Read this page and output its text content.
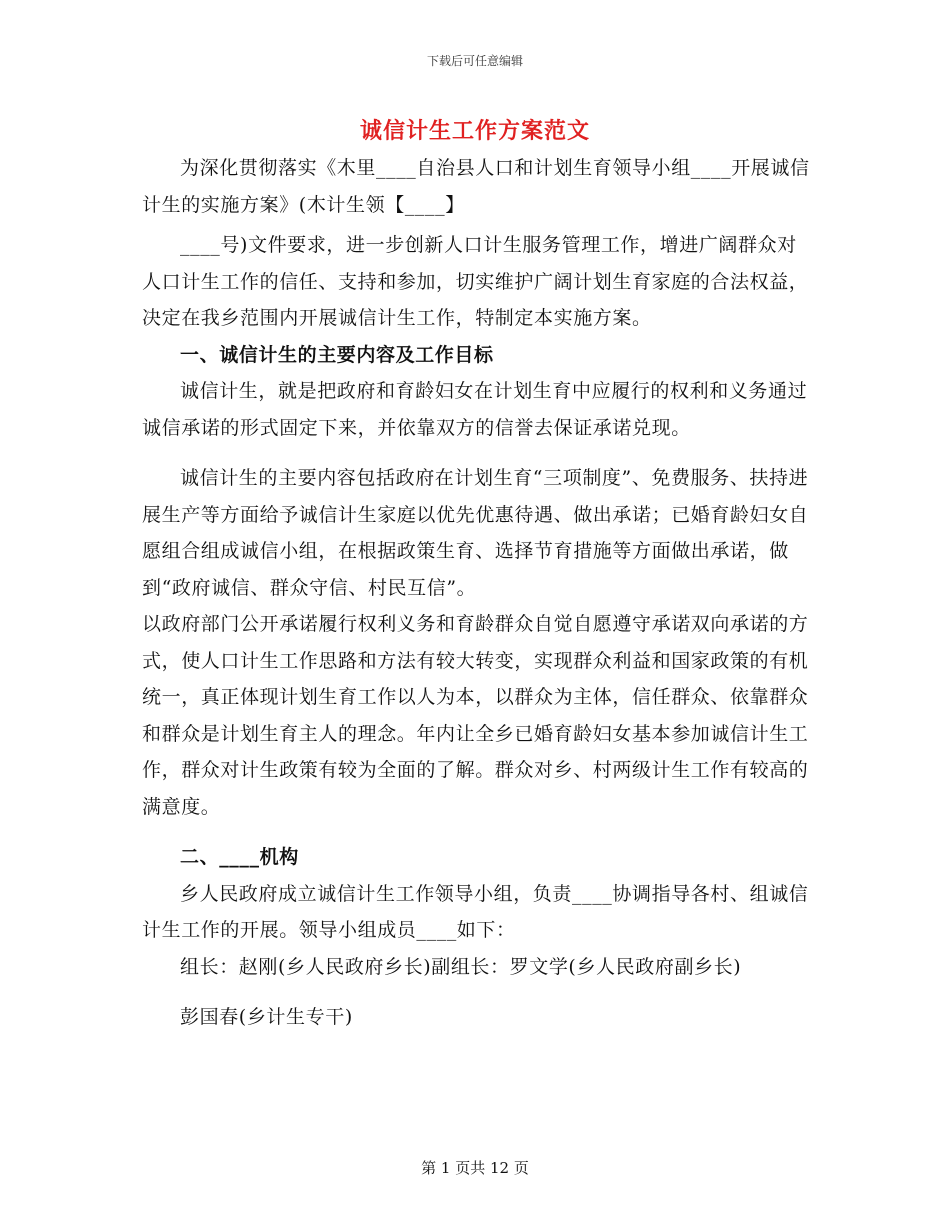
下载后可任意编辑
诚信计生工作方案范文

为深化贯彻落实《木里____自治县人口和计划生育领导小组____开展诚信计生的实施方案》(木计生领【____】

____号)文件要求，进一步创新人口计生服务管理工作，增进广阔群众对人口计生工作的信任、支持和参加，切实维护广阔计划生育家庭的合法权益，决定在我乡范围内开展诚信计生工作，特制定本实施方案。

一、诚信计生的主要内容及工作目标

诚信计生，就是把政府和育龄妇女在计划生育中应履行的权利和义务通过诚信承诺的形式固定下来，并依靠双方的信誉去保证承诺兑现。

诚信计生的主要内容包括政府在计划生育“三项制度”、免费服务、扶持进展生产等方面给予诚信计生家庭以优先优惠待遇、做出承诺；已婚育龄妇女自愿组合组成诚信小组，在根据政策生育、选择节育措施等方面做出承诺，做到“政府诚信、群众守信、村民互信”。

以政府部门公开承诺履行权利义务和育龄群众自觉自愿遵守承诺双向承诺的方式，使人口计生工作思路和方法有较大转变，实现群众利益和国家政策的有机统一，真正体现计划生育工作以人为本，以群众为主体，信任群众、依靠群众和群众是计划生育主人的理念。年内让全乡已婚育龄妇女基本参加诚信计生工作，群众对计生政策有较为全面的了解。群众对乡、村两级计生工作有较高的满意度。

二、____机构

乡人民政府成立诚信计生工作领导小组，负责____协调指导各村、组诚信计生工作的开展。领导小组成员____如下：

组长：赵刚(乡人民政府乡长)副组长：罗文学(乡人民政府副乡长)

彭国春(乡计生专干)

第 1 页共 12 页
